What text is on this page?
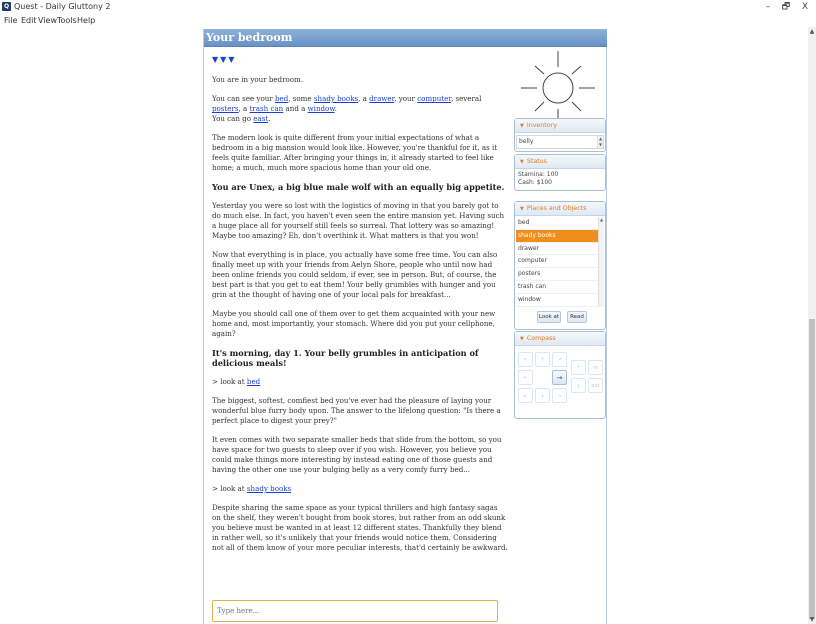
Q Quest - Daily Gluttony 2	–	🗗	X
File Edit View Tools Help
▲
▼
Your bedroom
▼▼▼

You are in your bedroom.

You can see your bed, some shady books, a drawer, your computer, several posters, a trash can and a window.
You can go east.

The modern look is quite different from your initial expectations of what a bedroom in a big mansion would look like. However, you're thankful for it, as it feels quite familiar. After bringing your things in, it already started to feel like home; a much, much more spacious home than your old one.

You are Unex, a big blue male wolf with an equally big appetite.

Yesterday you were so lost with the logistics of moving in that you barely got to do much else. In fact, you haven't even seen the entire mansion yet. Having such a huge place all for yourself still feels so surreal. That lottery was so amazing! Maybe too amazing? Eh, don't overthink it. What matters is that you won!

Now that everything is in place, you actually have some free time. You can also finally meet up with your friends from Aelyn Shore, people who until now had been online friends you could seldom, if ever, see in person. But, of course, the best part is that you get to eat them! Your belly grumbles with hunger and you grin at the thought of having one of your local pals for breakfast...

Maybe you should call one of them over to get them acquainted with your new home and, most importantly, your stomach. Where did you put your cellphone, again?

It's morning, day 1. Your belly grumbles in anticipation of delicious meals!

> look at bed

The biggest, softest, comfiest bed you've ever had the pleasure of laying your wonderful blue furry body upon. The answer to the lifelong question: "Is there a perfect place to digest your prey?"

It even comes with two separate smaller beds that slide from the bottom, so you have space for two guests to sleep over if you wish. However, you believe you could make things more interesting by instead eating one of those guests and having the other one use your bulging belly as a very comfy furry bed...

> look at shady books

Despite sharing the same space as your typical thrillers and high fantasy sagas on the shelf, they weren't bought from book stores, but rather from an odd skunk you believe must be wanted in at least 12 different states. Thankfully they blend in rather well, so it's unlikely that your friends would notice them. Considering not all of them know of your more peculiar interests, that'd certainly be awkward.

Type here...
▼ Inventory
belly	▲
▼
▼ Status
Stamina: 100
Cash: $100
▼ Places and Objects
bed
shady books
drawer
computer
posters
trash can
window
▲
Look at	Read
▼ Compass
↖	↑	↗
←	→
↙	↓	↘
↑	in
↓	out
